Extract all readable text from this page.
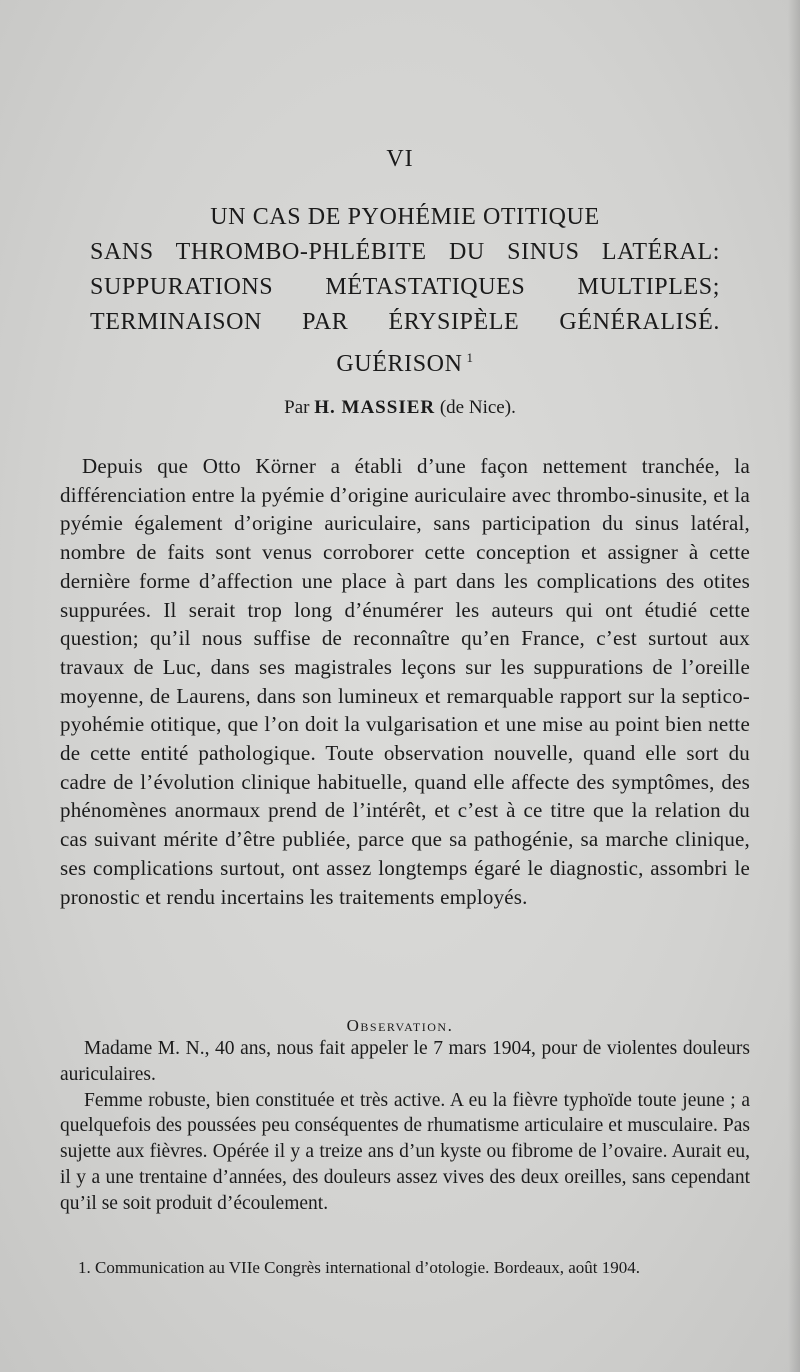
VI
UN CAS DE PYOHÉMIE OTITIQUE
SANS THROMBO-PHLÉBITE DU SINUS LATÉRAL:
SUPPURATIONS MÉTASTATIQUES MULTIPLES;
TERMINAISON PAR ÉRYSIPÈLE GÉNÉRALISÉ.
GUÉRISON $^1$
Par H. MASSIER (de Nice).

Depuis que Otto Körner a établi d’une façon nettement tranchée, la différenciation entre la pyémie d’origine auriculaire avec thrombo-sinusite, et la pyémie également d’origine auriculaire, sans participation du sinus latéral, nombre de faits sont venus corroborer cette conception et assigner à cette dernière forme d’affection une place à part dans les complications des otites suppurées. Il serait trop long d’énumérer les auteurs qui ont étudié cette question; qu’il nous suffise de reconnaître qu’en France, c’est surtout aux travaux de Luc, dans ses magistrales leçons sur les suppurations de l’oreille moyenne, de Laurens, dans son lumineux et remarquable rapport sur la septico-pyohémie otitique, que l’on doit la vulgarisation et une mise au point bien nette de cette entité pathologique. Toute observation nouvelle, quand elle sort du cadre de l’évolution clinique habituelle, quand elle affecte des symptômes, des phénomènes anormaux prend de l’intérêt, et c’est à ce titre que la relation du cas suivant mérite d’être publiée, parce que sa pathogénie, sa marche clinique, ses complications surtout, ont assez longtemps égaré le diagnostic, assombri le pronostic et rendu incertains les traitements employés.

Observation.

Madame M. N., 40 ans, nous fait appeler le 7 mars 1904, pour de violentes douleurs auriculaires.

Femme robuste, bien constituée et très active. A eu la fièvre typhoïde toute jeune ; a quelquefois des poussées peu conséquentes de rhumatisme articulaire et musculaire. Pas sujette aux fièvres. Opérée il y a treize ans d’un kyste ou fibrome de l’ovaire. Aurait eu, il y a une trentaine d’années, des douleurs assez vives des deux oreilles, sans cependant qu’il se soit produit d’écoulement.

1. Communication au VIIe Congrès international d’otologie. Bordeaux, août 1904.
